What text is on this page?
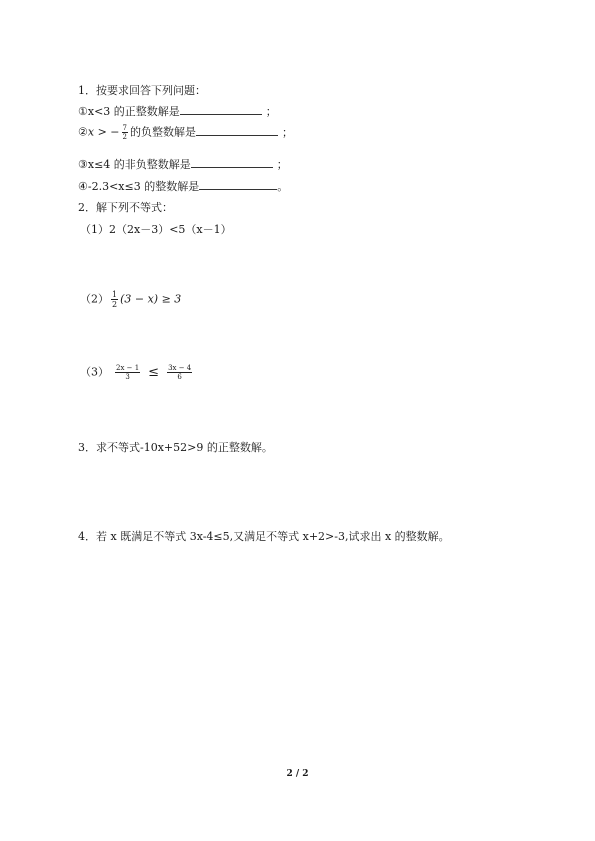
1．按要求回答下列问题：
①x<3 的正整数解是	；
②x > − $\frac{7}{2}$ 的负整数解是	；
③x≤4 的非负整数解是	；
④-2.3<x≤3 的整数解是	。
2．解下列不等式：
（1）2（2x－3）<5（x－1）
$(2) \frac{1}{2} (3 - x) \ge 3$
$(3) \frac{2x - 1}{3} \le \frac{3x - 4}{6}$
3．求不等式-10x+52>9 的正整数解。
4．若 x 既满足不等式 3x-4≤5,又满足不等式 x+2>-3,试求出 x 的整数解。
2 / 2
